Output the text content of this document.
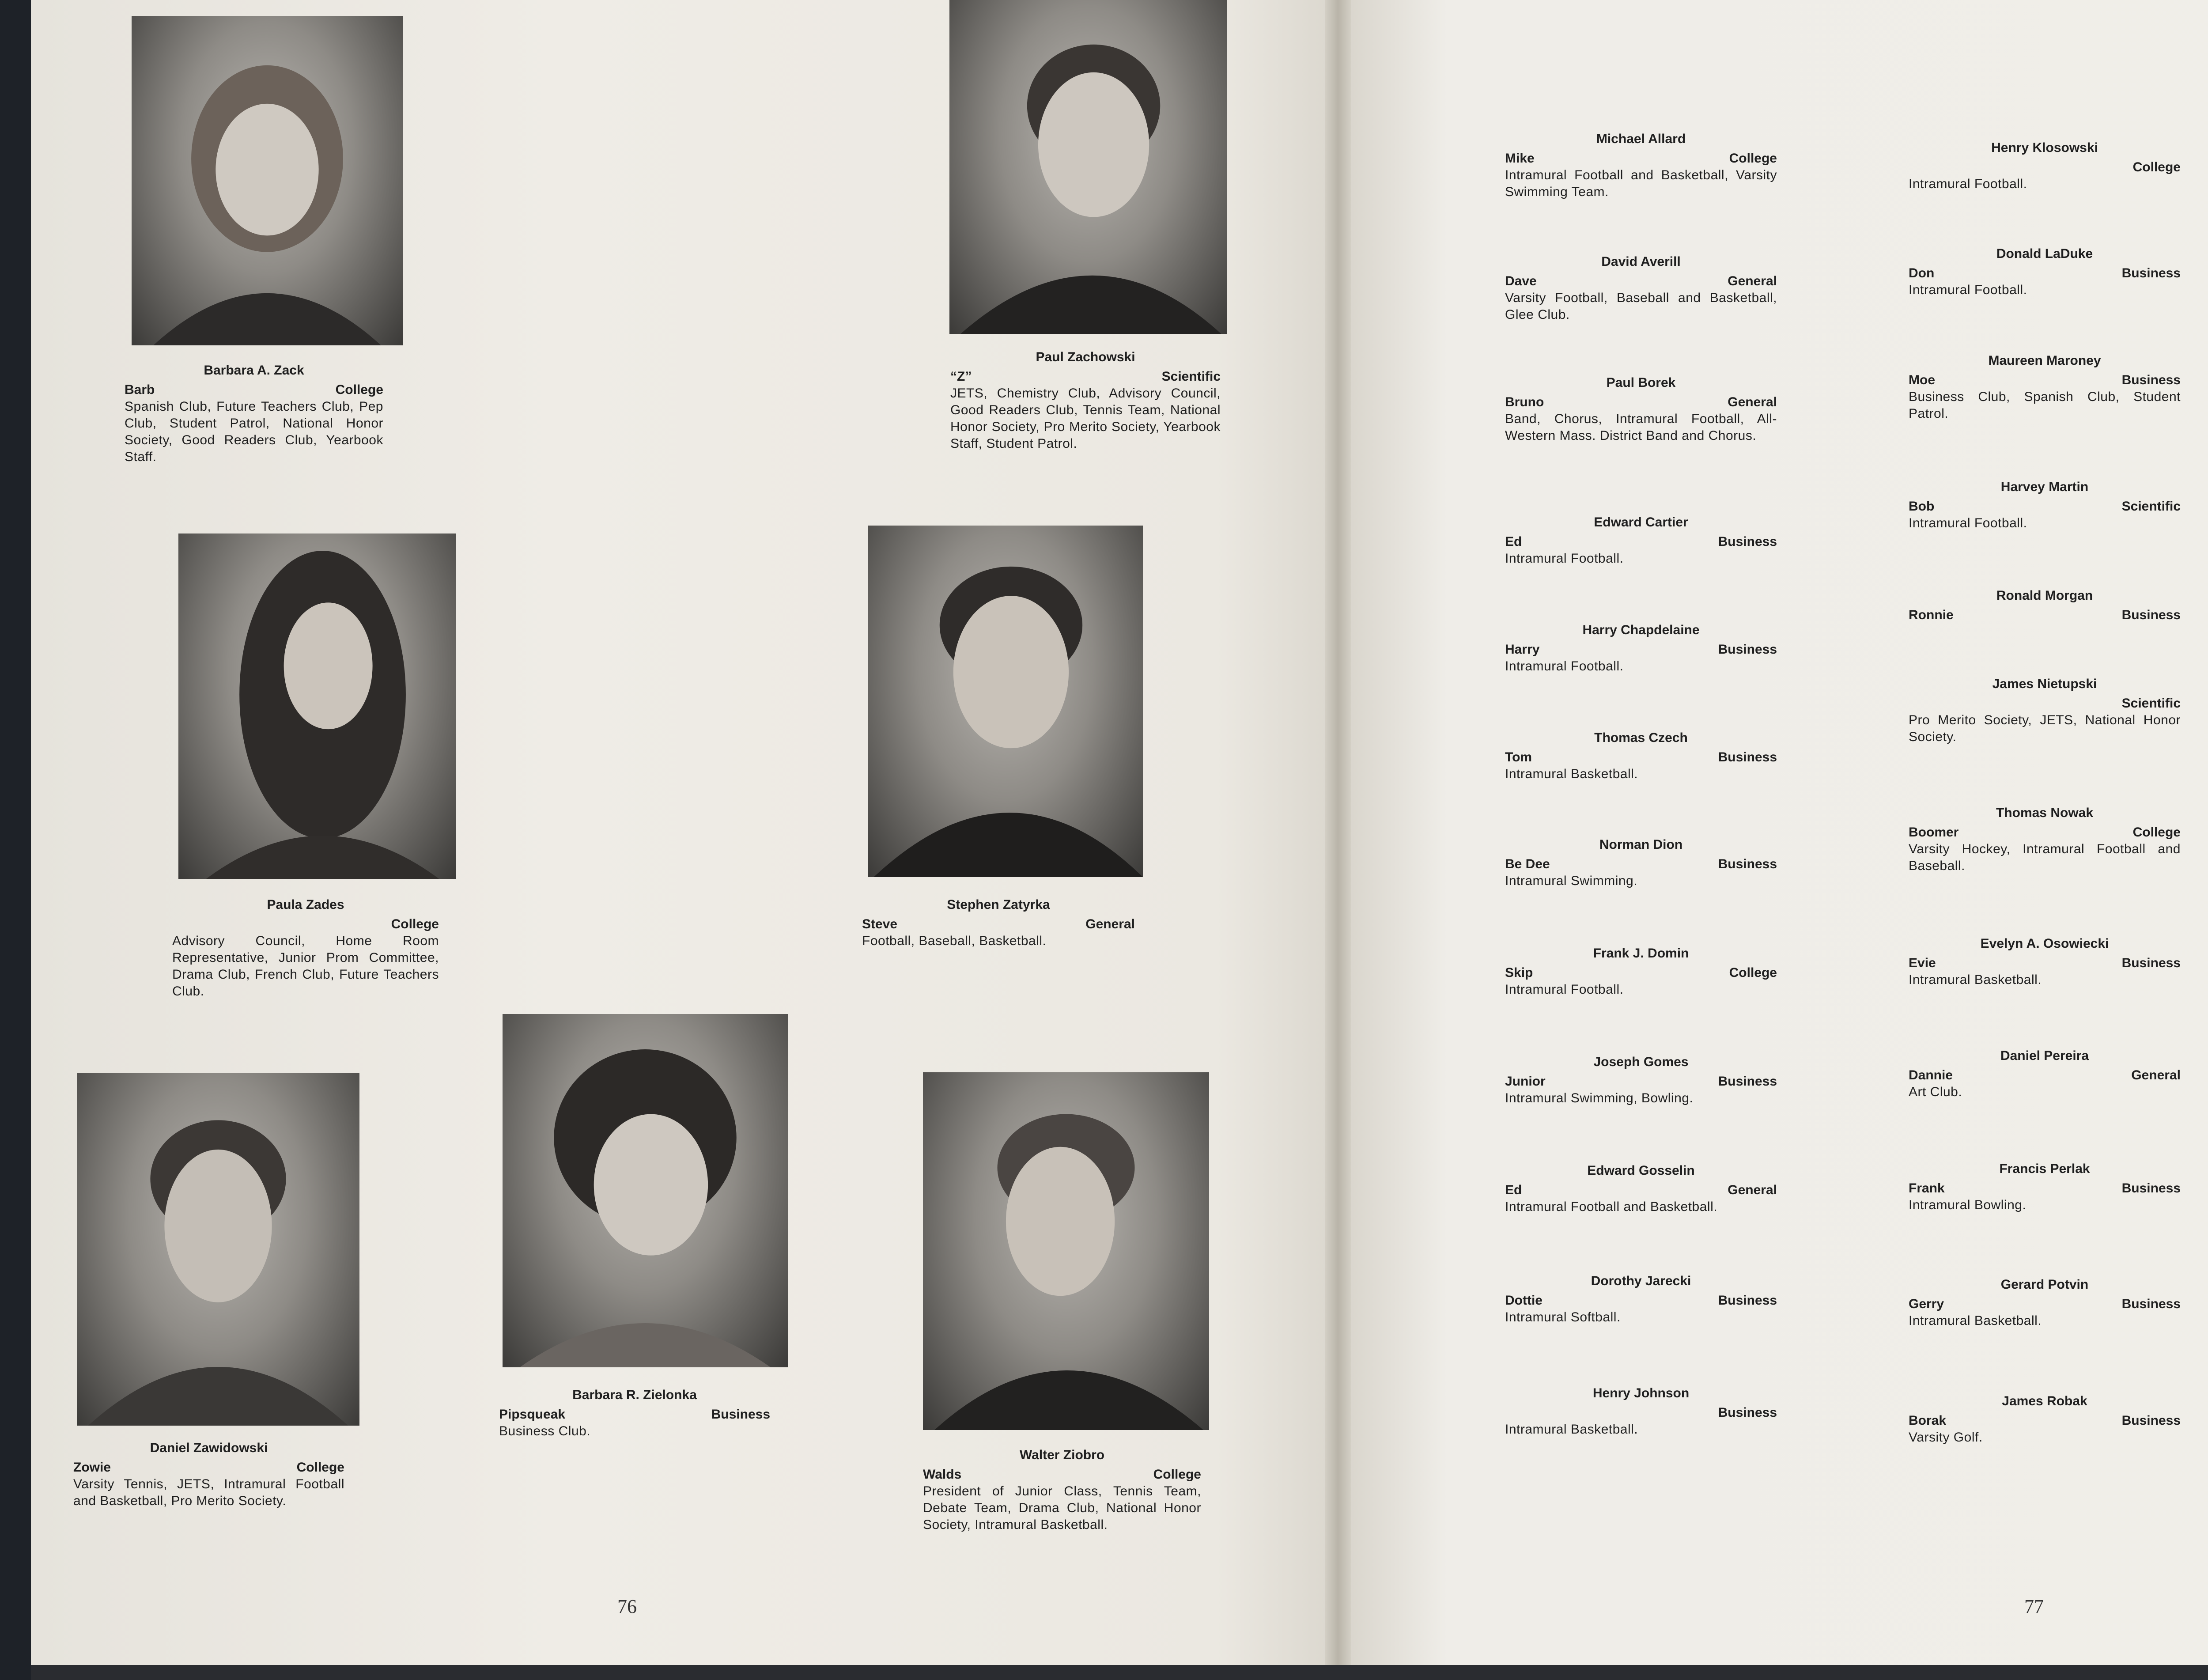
Barbara A. Zack
Barb	College
Spanish Club, Future Teachers Club, Pep Club, Student Patrol, National Honor Society, Good Readers Club, Yearbook Staff.
Paul Zachowski
“Z”	Scientific
JETS, Chemistry Club, Advisory Council, Good Readers Club, Tennis Team, National Honor Society, Pro Merito Society, Yearbook Staff, Student Patrol.
Paula Zades
College
Advisory Council, Home Room Representative, Junior Prom Committee, Drama Club, French Club, Future Teachers Club.
Stephen Zatyrka
Steve	General
Football, Baseball, Basketball.
Daniel Zawidowski
Zowie	College
Varsity Tennis, JETS, Intramural Football and Basketball, Pro Merito Society.
Barbara R. Zielonka
Pipsqueak	Business
Business Club.
Walter Ziobro
Walds	College
President of Junior Class, Tennis Team, Debate Team, Drama Club, National Honor Society, Intramural Basketball.
76
Michael Allard
Mike	College
Intramural Football and Basketball, Varsity Swimming Team.
David Averill
Dave	General
Varsity Football, Baseball and Basketball, Glee Club.
Paul Borek
Bruno	General
Band, Chorus, Intramural Football, All-Western Mass. District Band and Chorus.
Edward Cartier
Ed	Business
Intramural Football.
Harry Chapdelaine
Harry	Business
Intramural Football.
Thomas Czech
Tom	Business
Intramural Basketball.
Norman Dion
Be Dee	Business
Intramural Swimming.
Frank J. Domin
Skip	College
Intramural Football.
Joseph Gomes
Junior	Business
Intramural Swimming, Bowling.
Edward Gosselin
Ed	General
Intramural Football and Basketball.
Dorothy Jarecki
Dottie	Business
Intramural Softball.
Henry Johnson
Business
Intramural Basketball.
Henry Klosowski
College
Intramural Football.
Donald LaDuke
Don	Business
Intramural Football.
Maureen Maroney
Moe	Business
Business Club, Spanish Club, Student Patrol.
Harvey Martin
Bob	Scientific
Intramural Football.
Ronald Morgan
Ronnie	Business
James Nietupski
Scientific
Pro Merito Society, JETS, National Honor Society.
Thomas Nowak
Boomer	College
Varsity Hockey, Intramural Football and Baseball.
Evelyn A. Osowiecki
Evie	Business
Intramural Basketball.
Daniel Pereira
Dannie	General
Art Club.
Francis Perlak
Frank	Business
Intramural Bowling.
Gerard Potvin
Gerry	Business
Intramural Basketball.
James Robak
Borak	Business
Varsity Golf.
77
